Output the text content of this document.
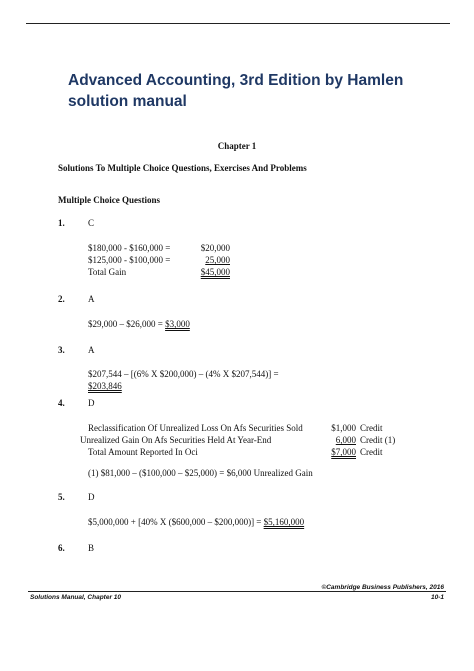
Advanced Accounting, 3rd Edition by Hamlen solution manual
Chapter 1
Solutions To Multiple Choice Questions, Exercises And Problems
Multiple Choice Questions
1.	C
$180,000 - $160,000 =	$20,000
$125,000 - $100,000 =	25,000
Total Gain	$45,000
2.	A
$29,000 – $26,000 = $3,000
3.	A
$207,544 – [(6% X $200,000) – (4% X $207,544)] =
$203,846
4.	D
Reclassification Of Unrealized Loss On Afs Securities Sold	$1,000 Credit
Unrealized Gain On Afs Securities Held At Year-End	6,000 Credit (1)
Total Amount Reported In Oci	$7,000 Credit
(1) $81,000 – ($100,000 – $25,000) = $6,000 Unrealized Gain
5.	D
$5,000,000 + [40% X ($600,000 – $200,000)] = $5,160,000
6.	B
©Cambridge Business Publishers, 2016
Solutions Manual, Chapter 10	10-1
